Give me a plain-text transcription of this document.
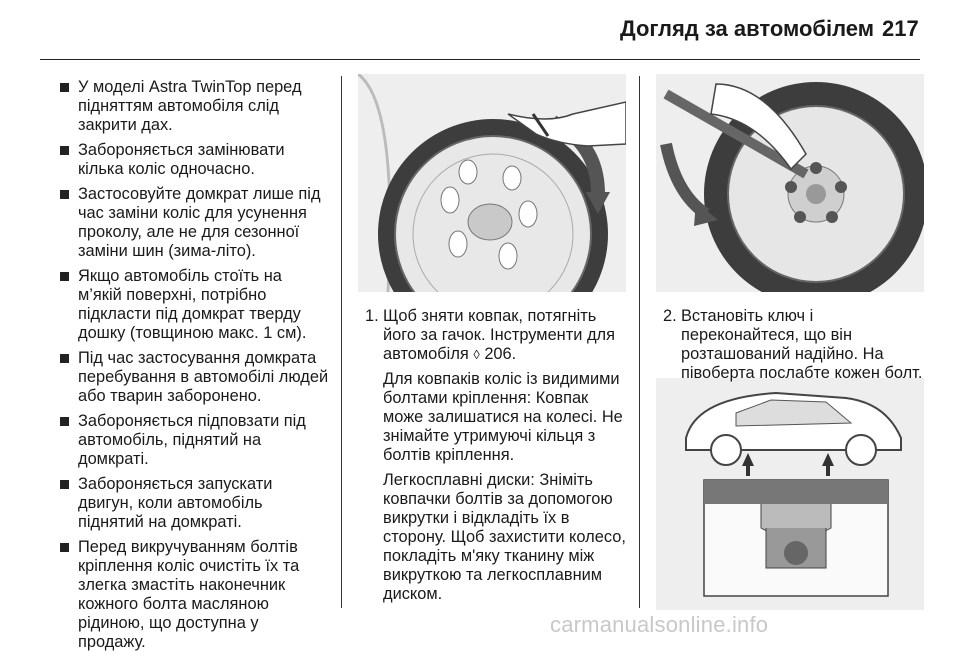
Догляд за автомобілем 217
У моделі Astra TwinTop перед підняттям автомобіля слід закрити дах.
Забороняється замінювати кілька коліс одночасно.
Застосовуйте домкрат лише під час заміни коліс для усунення проколу, але не для сезонної заміни шин (зима-літо).
Якщо автомобіль стоїть на м’якій поверхні, потрібно підкласти під домкрат тверду дошку (товщиною макс. 1 см).
Під час застосування домкрата перебування в автомобілі людей або тварин заборонено.
Забороняється підповзати під автомобіль, піднятий на домкраті.
Забороняється запускати двигун, коли автомобіль піднятий на домкраті.
Перед викручуванням болтів кріплення коліс очистіть їх та злегка змастіть наконечник кожного болта масляною рідиною, що доступна у продажу.
1. Щоб зняти ковпак, потягніть його за гачок. Інструменти для автомобіля ◊ 206.
Для ковпаків коліс із видимими болтами кріплення: Ковпак може залишатися на колесі. Не знімайте утримуючі кільця з болтів кріплення.
Легкосплавні диски: Зніміть ковпачки болтів за допомогою викрутки і відкладіть їх в сторону. Щоб захистити колесо, покладіть м'яку тканину між викруткою та легкосплавним диском.
2. Встановіть ключ і переконайтеся, що він розташований надійно. На півоберта послабте кожен болт.
carmanualsonline.info
